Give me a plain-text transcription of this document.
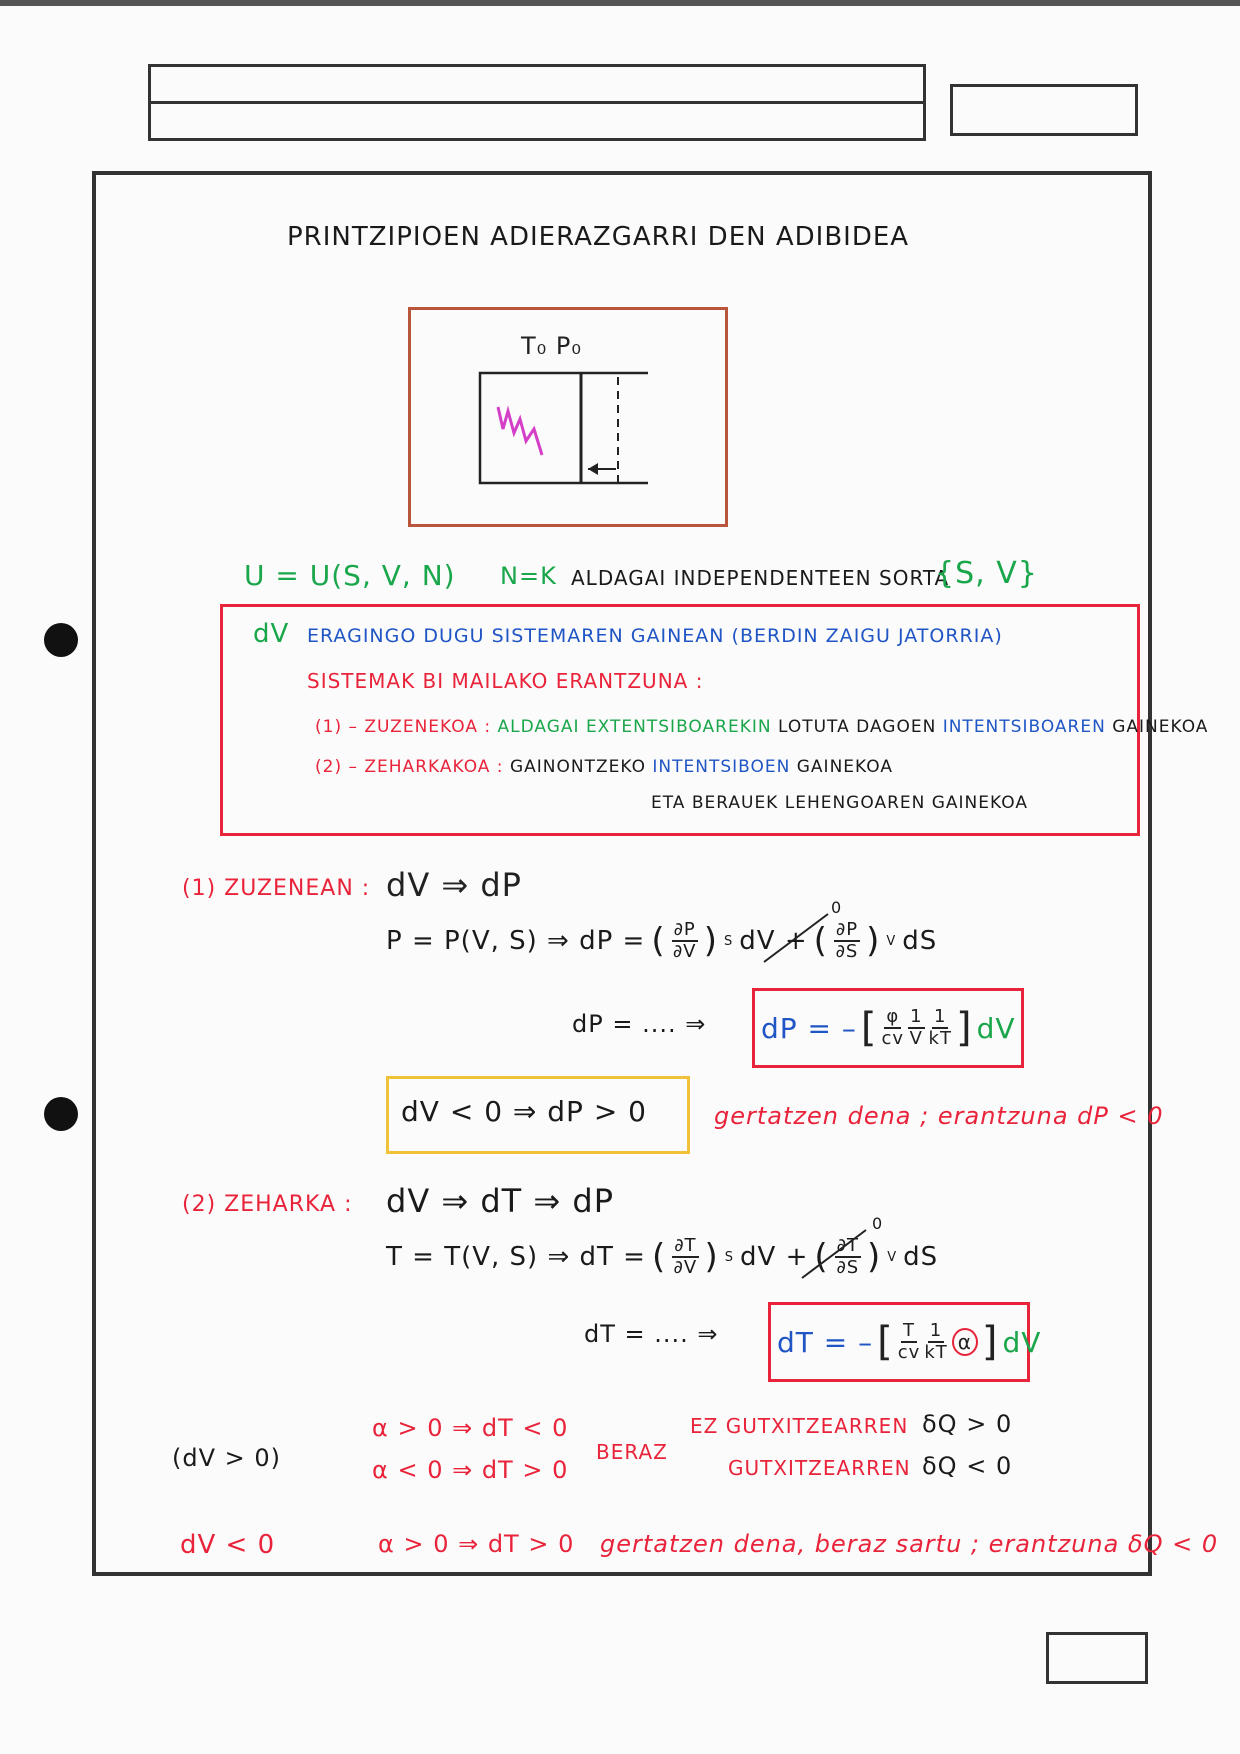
PRINTZIPIOEN ADIERAZGARRI DEN ADIBIDEA
T₀ P₀
U = U(S, V, N) N=K ALDAGAI INDEPENDENTEEN SORTA
{S, V}
dV ERAGINGO DUGU SISTEMAREN GAINEAN (BERDIN ZAIGU JATORRIA)
SISTEMAK BI MAILAKO ERANTZUNA :
(1) – ZUZENEKOA : ALDAGAI EXTENTSIBOAREKIN LOTUTA DAGOEN INTENTSIBOAREN GAINEKOA
(2) – ZEHARKAKOA : GAINONTZEKO INTENTSIBOEN GAINEKOA
ETA BERAUEK LEHENGOAREN GAINEKOA
(1) ZUZENEAN : dV ⇒ dP
P = P(V, S) ⇒ dP = ( $\frac{\partial P}{\partial V}$ ) S dV + ( $\frac{\partial P}{\partial S}$ ) V dS
0
dP = .... ⇒ dP = – [ $\frac{\varphi}{cv} \frac{1}{V} \frac{1}{kT}$ ] dV
dV < 0 ⇒ dP > 0	gertatzen dena ; erantzuna dP < 0
(2) ZEHARKA : dV ⇒ dT ⇒ dP
T = T(V, S) ⇒ dT = ( $\frac{\partial T}{\partial V}$ ) S dV + ( $\frac{\partial T}{\partial S}$ ) V dS
0
dT = .... ⇒ dT = – [ $\frac{T}{cv} \frac{1}{kT}$ α ] dV
(dV > 0)
α > 0 ⇒ dT < 0
α < 0 ⇒ dT > 0
BERAZ
EZ GUTXITZEARREN δQ > 0
GUTXITZEARREN δQ < 0
dV < 0	α > 0 ⇒ dT > 0 gertatzen dena, beraz sartu ; erantzuna δQ < 0
